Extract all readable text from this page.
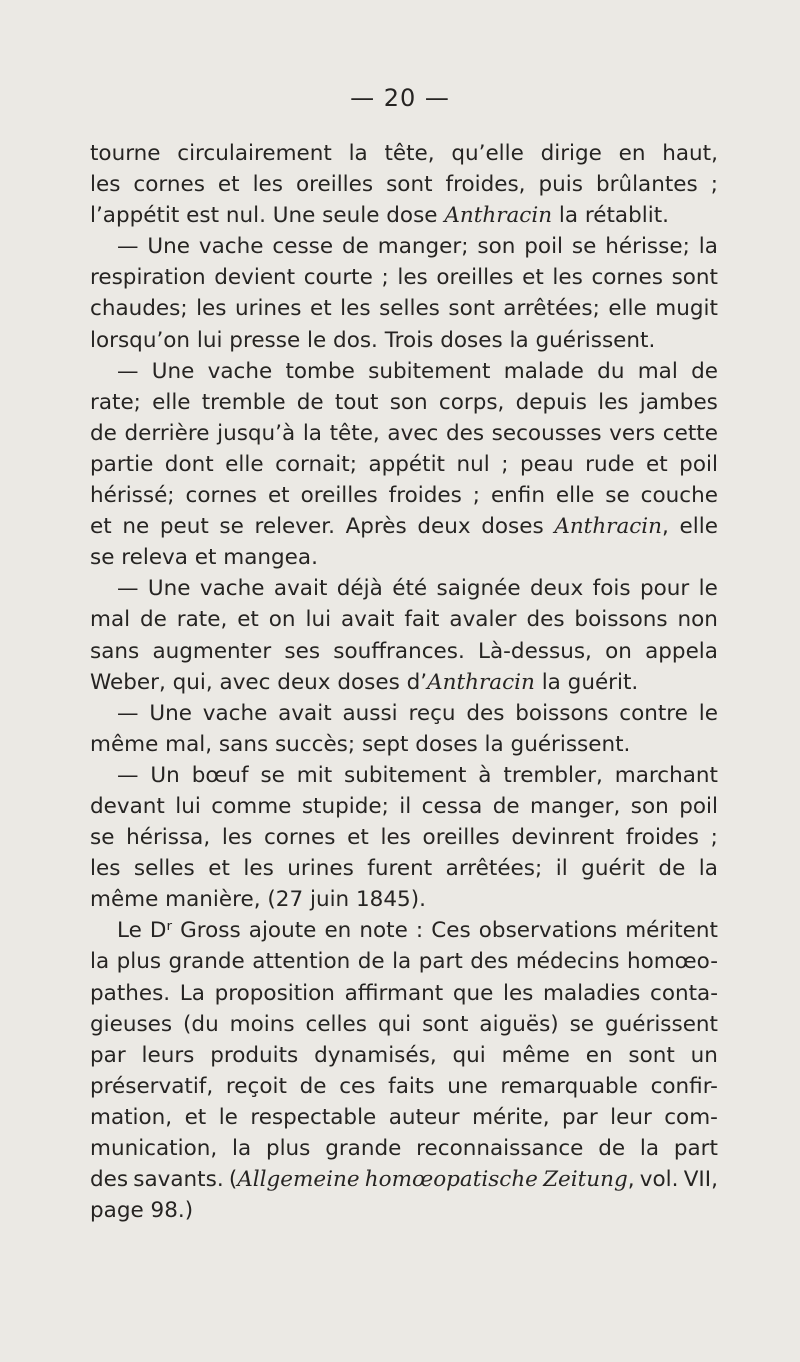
— 20 —
tourne circulairement la tête, qu’elle dirige en haut,
les cornes et les oreilles sont froides, puis brûlantes ;
l’appétit est nul. Une seule dose Anthracin la rétablit.
— Une vache cesse de manger; son poil se hérisse; la
respiration devient courte ; les oreilles et les cornes sont
chaudes; les urines et les selles sont arrêtées; elle mugit
lorsqu’on lui presse le dos. Trois doses la guérissent.
— Une vache tombe subitement malade du mal de
rate; elle tremble de tout son corps, depuis les jambes
de derrière jusqu’à la tête, avec des secousses vers cette
partie dont elle cornait; appétit nul ; peau rude et poil
hérissé; cornes et oreilles froides ; enfin elle se couche
et ne peut se relever. Après deux doses Anthracin, elle
se releva et mangea.
— Une vache avait déjà été saignée deux fois pour le
mal de rate, et on lui avait fait avaler des boissons non
sans augmenter ses souffrances. Là-dessus, on appela
Weber, qui, avec deux doses d’ Anthracin la guérit.
— Une vache avait aussi reçu des boissons contre le
même mal, sans succès; sept doses la guérissent.
— Un bœuf se mit subitement à trembler, marchant
devant lui comme stupide; il cessa de manger, son poil
se hérissa, les cornes et les oreilles devinrent froides ;
les selles et les urines furent arrêtées; il guérit de la
même manière, (27 juin 1845).
Le Dʳ Gross ajoute en note : Ces observations méritent
la plus grande attention de la part des médecins homœo-
pathes. La proposition affirmant que les maladies conta-
gieuses (du moins celles qui sont aiguës) se guérissent
par leurs produits dynamisés, qui même en sont un
préservatif, reçoit de ces faits une remarquable confir-
mation, et le respectable auteur mérite, par leur com-
munication, la plus grande reconnaissance de la part
des savants. (Allgemeine homœopatische Zeitung, vol. VII,
page 98.)
